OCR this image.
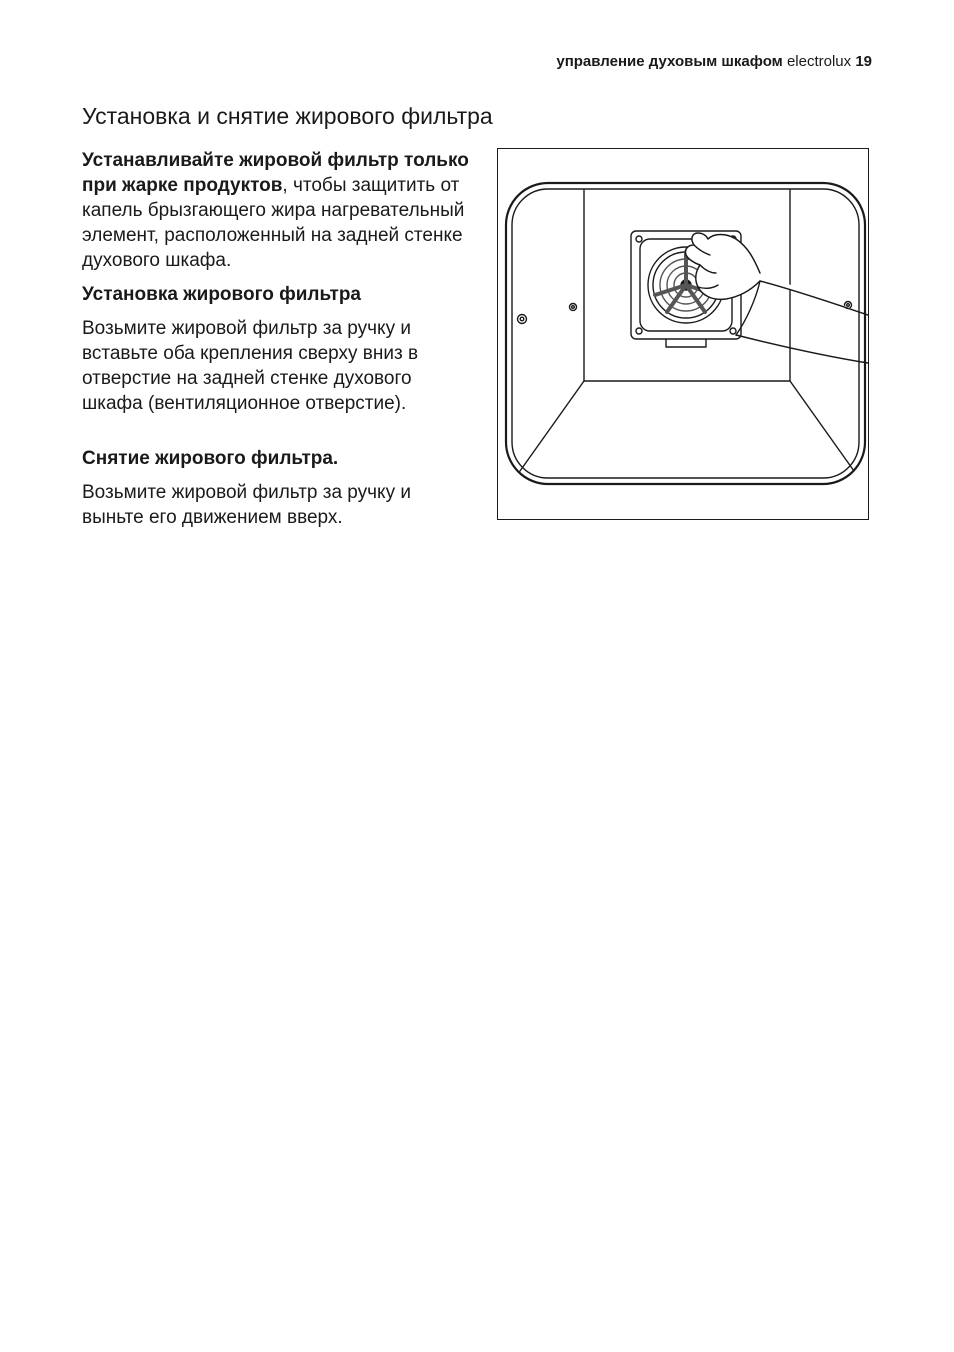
управление духовым шкафом electrolux 19
Установка и снятие жирового фильтра

Устанавливайте жировой фильтр только при жарке продуктов, чтобы защитить от капель брызгающего жира нагревательный элемент, расположенный на задней стенке духового шкафа.

Установка жирового фильтра

Возьмите жировой фильтр за ручку и вставьте оба крепления сверху вниз в отверстие на задней стенке духового шкафа (вентиляционное отверстие).

Снятие жирового фильтра.

Возьмите жировой фильтр за ручку и выньте его движением вверх.
